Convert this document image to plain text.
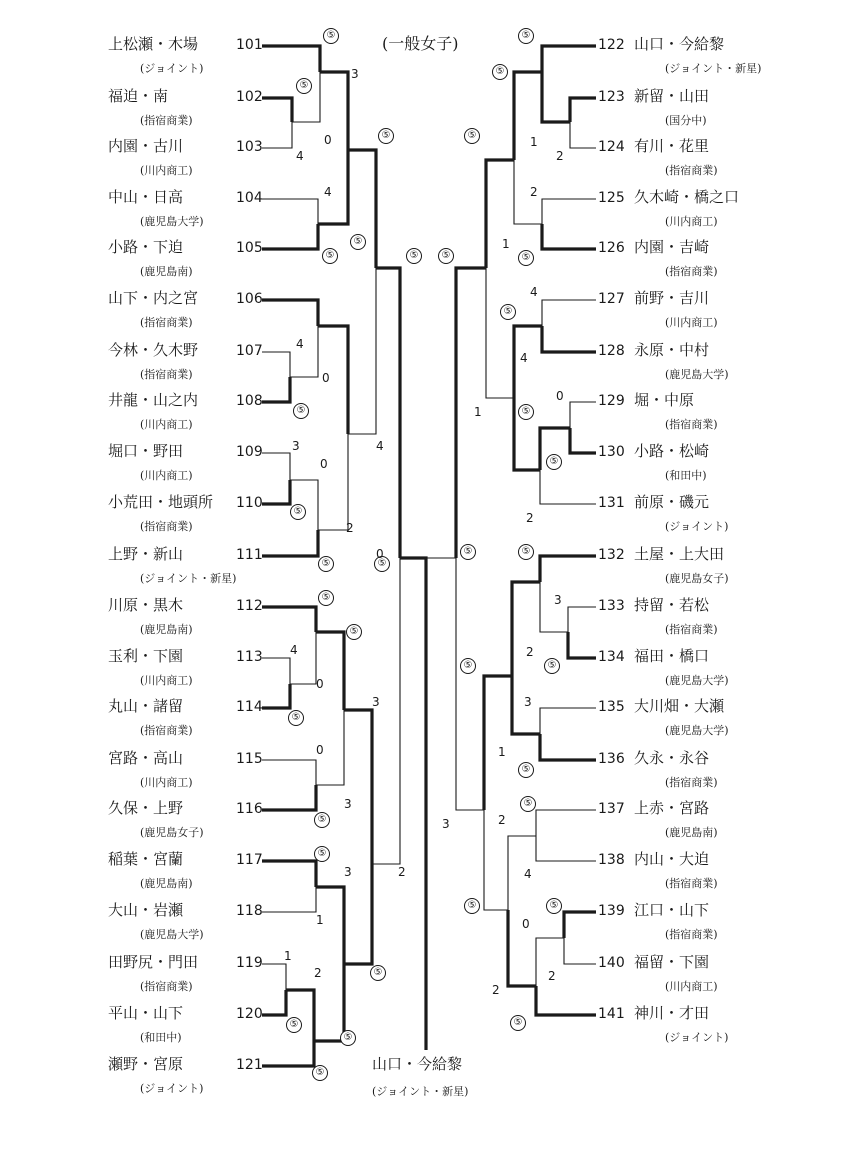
(一般女子)
上松瀬・木場
(ジョイント)
101
福迫・南
(指宿商業)
102
内園・古川
(川内商工)
103
中山・日高
(鹿児島大学)
104
小路・下迫
(鹿児島南)
105
山下・内之宮
(指宿商業)
106
今林・久木野
(指宿商業)
107
井龍・山之内
(川内商工)
108
堀口・野田
(川内商工)
109
小荒田・地頭所
(指宿商業)
110
上野・新山
(ジョイント・新星)
111
川原・黒木
(鹿児島南)
112
玉利・下園
(川内商工)
113
丸山・諸留
(指宿商業)
114
宮路・高山
(川内商工)
115
久保・上野
(鹿児島女子)
116
稲葉・宮蘭
(鹿児島南)
117
大山・岩瀬
(鹿児島大学)
118
田野尻・門田
(指宿商業)
119
平山・山下
(和田中)
120
瀬野・宮原
(ジョイント)
121
122 山口・今給黎
(ジョイント・新星)
123 新留・山田
(国分中)
124 有川・花里
(指宿商業)
125 久木崎・橋之口
(川内商工)
126 内園・吉崎
(指宿商業)
127 前野・吉川
(川内商工)
128 永原・中村
(鹿児島大学)
129 堀・中原
(指宿商業)
130 小路・松崎
(和田中)
131 前原・磯元
(ジョイント)
132 土屋・上大田
(鹿児島女子)
133 持留・若松
(指宿商業)
134 福田・橋口
(鹿児島大学)
135 大川畑・大瀬
(鹿児島大学)
136 久永・永谷
(指宿商業)
137 上赤・宮路
(鹿児島南)
138 内山・大迫
(指宿商業)
139 江口・山下
(指宿商業)
140 福留・下園
(川内商工)
141 神川・才田
(ジョイント)
⑤
3
⑤
0
4
4
⑤
⑤
⑤
⑤
4
0
⑤
3
0
⑤
2
⑤
4
⑤
0
⑤
⑤
4
0
⑤
0
3
3
⑤
1
3
1
⑤
2
⑤
⑤
⑤
2
⑤
⑤
⑤
1
2
2
1
⑤
4
⑤
4
0
⑤
⑤
⑤
2
1
⑤
⑤
3
⑤
⑤
2
3
1
⑤
⑤
2
4
⑤
0
2
⑤
⑤
3
2
⑤
山口・今給黎
(ジョイント・新星)
